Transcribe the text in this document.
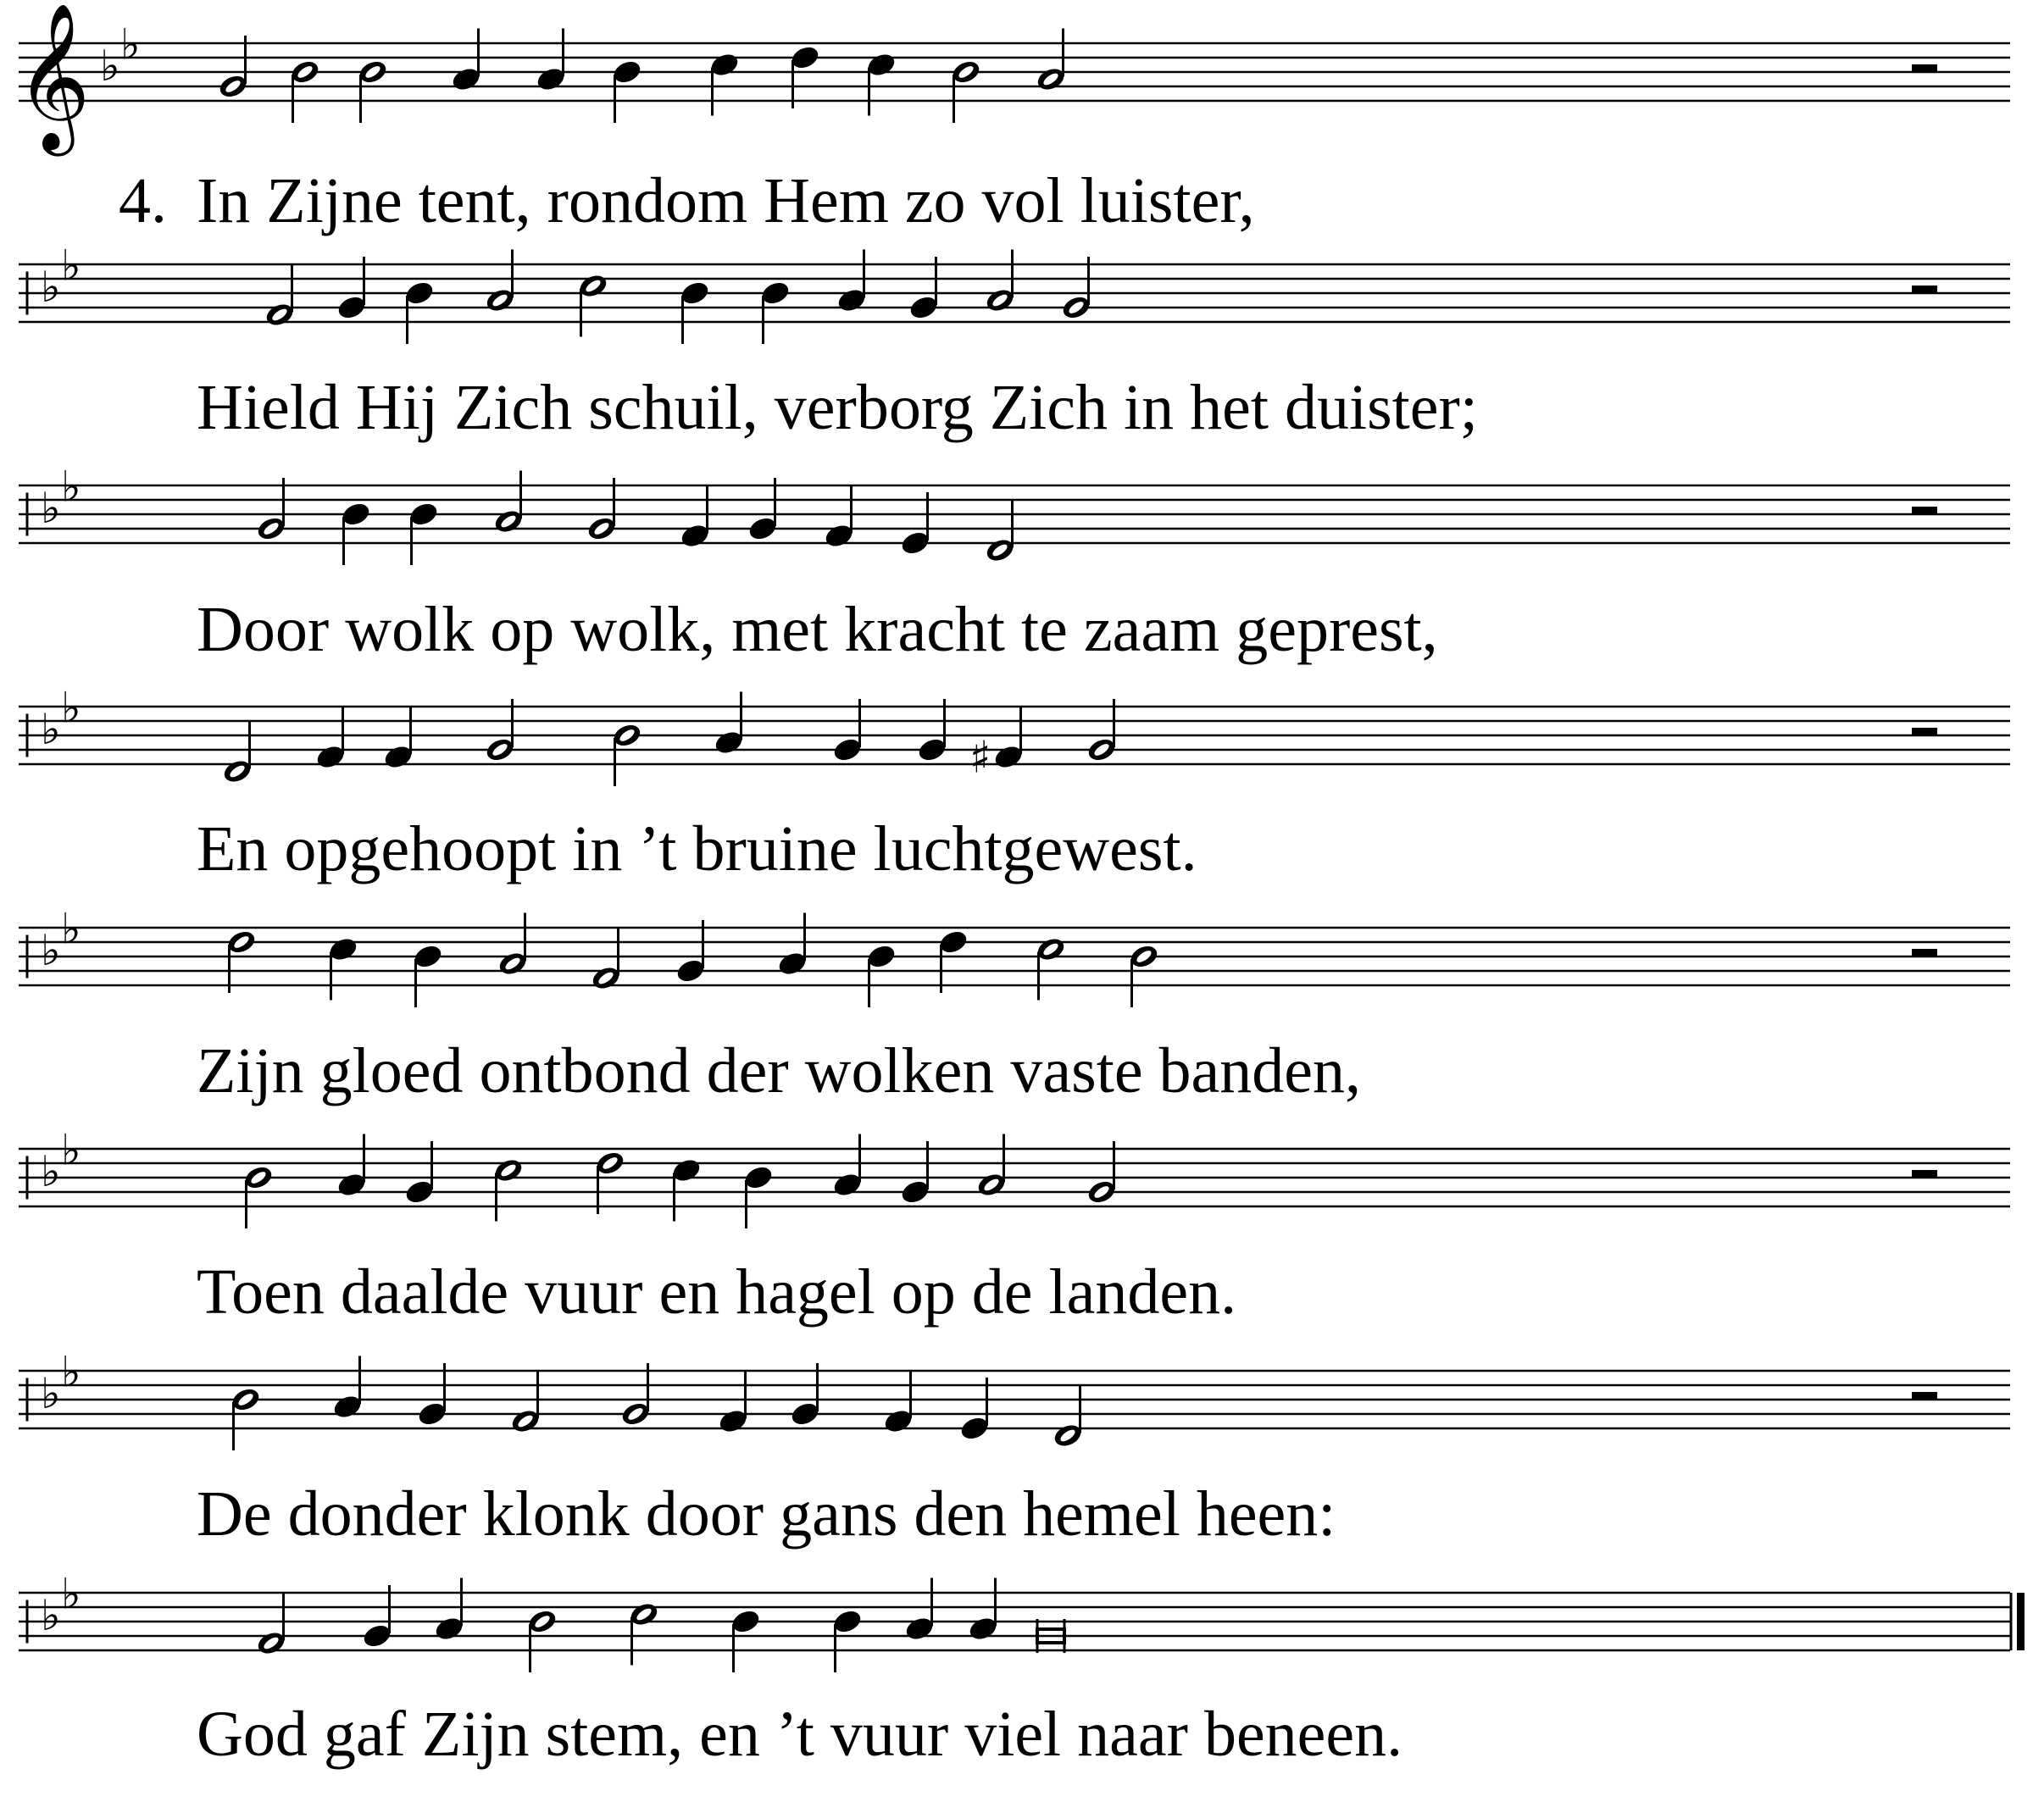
𝄞 ♭ ♭
♭ ♭
♭ ♭
♭ ♭
♯
♭ ♭
♭ ♭
♭ ♭
♭ ♭
In Zijne tent, rondom Hem zo vol luister,
Hield Hij Zich schuil, verborg Zich in het duister;
Door wolk op wolk, met kracht te zaam geprest,
En opgehoopt in ’t bruine luchtgewest.
Zijn gloed ontbond der wolken vaste banden,
Toen daalde vuur en hagel op de landen.
De donder klonk door gans den hemel heen:
God gaf Zijn stem, en ’t vuur viel naar beneen.
4.
